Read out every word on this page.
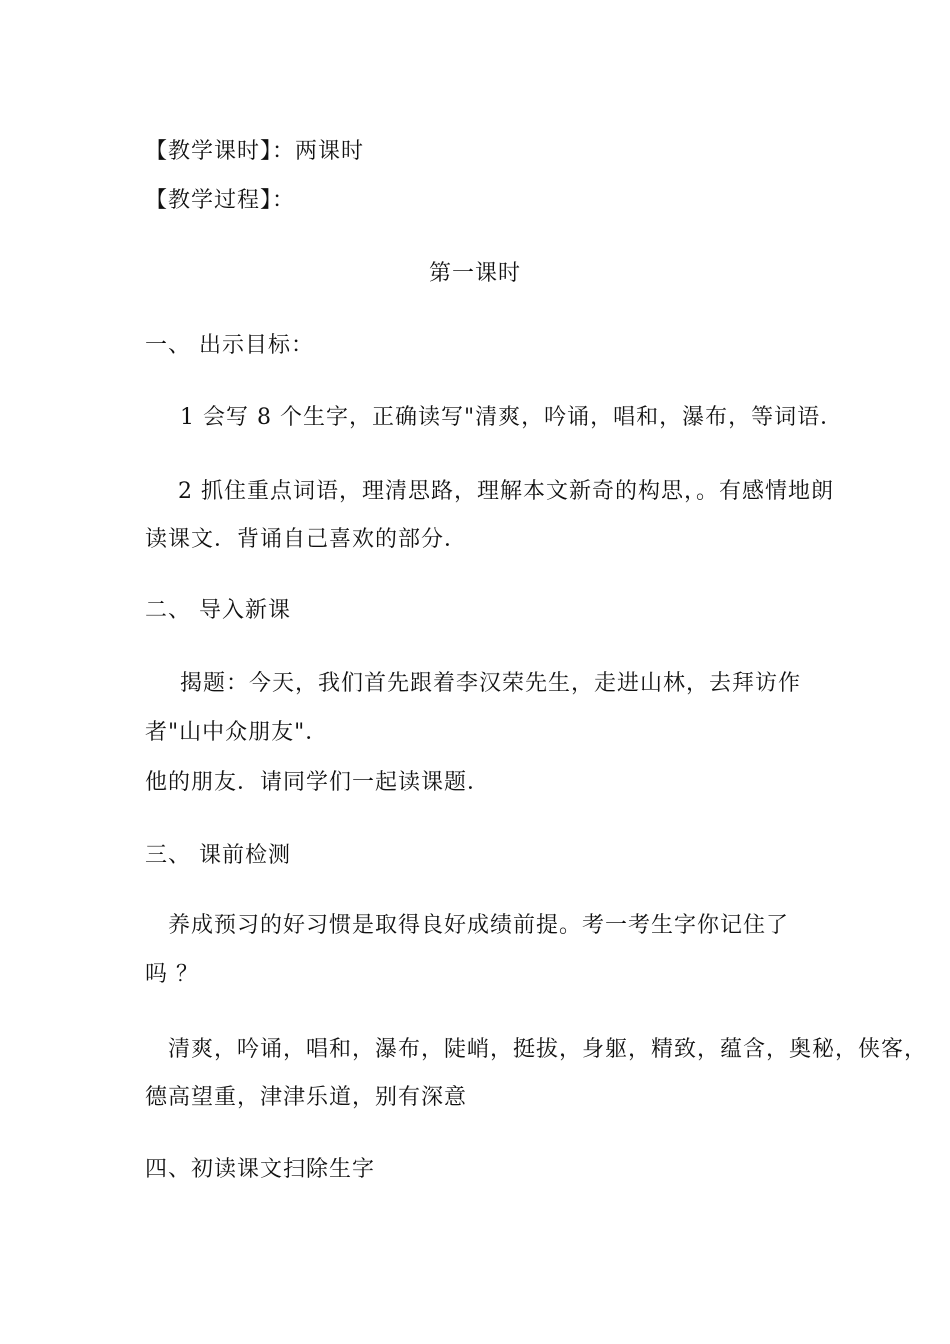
【教学课时】：两课时
【教学过程】：
第一课时
一、 出示目标：
1 会写 8 个生字，正确读写"清爽，吟诵，唱和，瀑布，等词语．
2 抓住重点词语，理清思路，理解本文新奇的构思，。有感情地朗
读课文．背诵自己喜欢的部分．
二、 导入新课
揭题：今天，我们首先跟着李汉荣先生，走进山林，去拜访作
者"山中众朋友"．
他的朋友．请同学们一起读课题．
三、 课前检测
养成预习的好习惯是取得良好成绩前提。考一考生字你记住了
吗 ？
清爽，吟诵，唱和，瀑布，陡峭，挺拔，身躯，精致，蕴含，奥秘，侠客，
德高望重，津津乐道，别有深意
四、初读课文扫除生字
